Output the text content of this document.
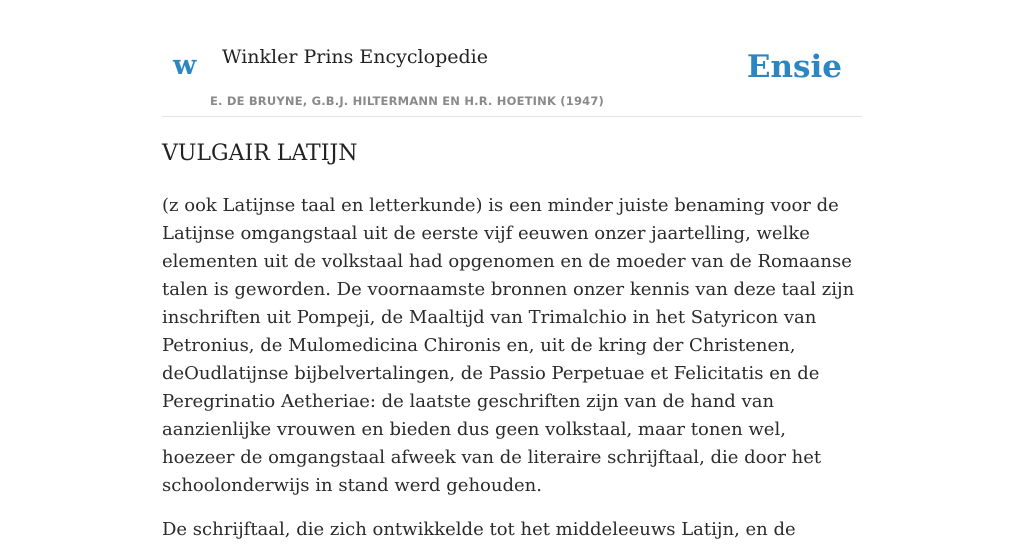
w Winkler Prins Encyclopedie
E. DE BRUYNE, G.B.J. HILTERMANN EN H.R. HOETINK (1947)
Ensie
VULGAIR LATIJN

(z ook Latijnse taal en letterkunde) is een minder juiste benaming voor de Latijnse omgangstaal uit de eerste vijf eeuwen onzer jaartelling, welke elementen uit de volkstaal had opgenomen en de moeder van de Romaanse talen is geworden. De voornaamste bronnen onzer kennis van deze taal zijn inschriften uit Pompeji, de Maaltijd van Trimalchio in het Satyricon van Petronius, de Mulomedicina Chironis en, uit de kring der Christenen, deOudlatijnse bijbelvertalingen, de Passio Perpetuae et Felicitatis en de Peregrinatio Aetheriae: de laatste geschriften zijn van de hand van aanzienlijke vrouwen en bieden dus geen volkstaal, maar tonen wel, hoezeer de omgangstaal afweek van de literaire schrijftaal, die door het schoolonderwijs in stand werd gehouden.

De schrijftaal, die zich ontwikkelde tot het middeleeuws Latijn, en de
